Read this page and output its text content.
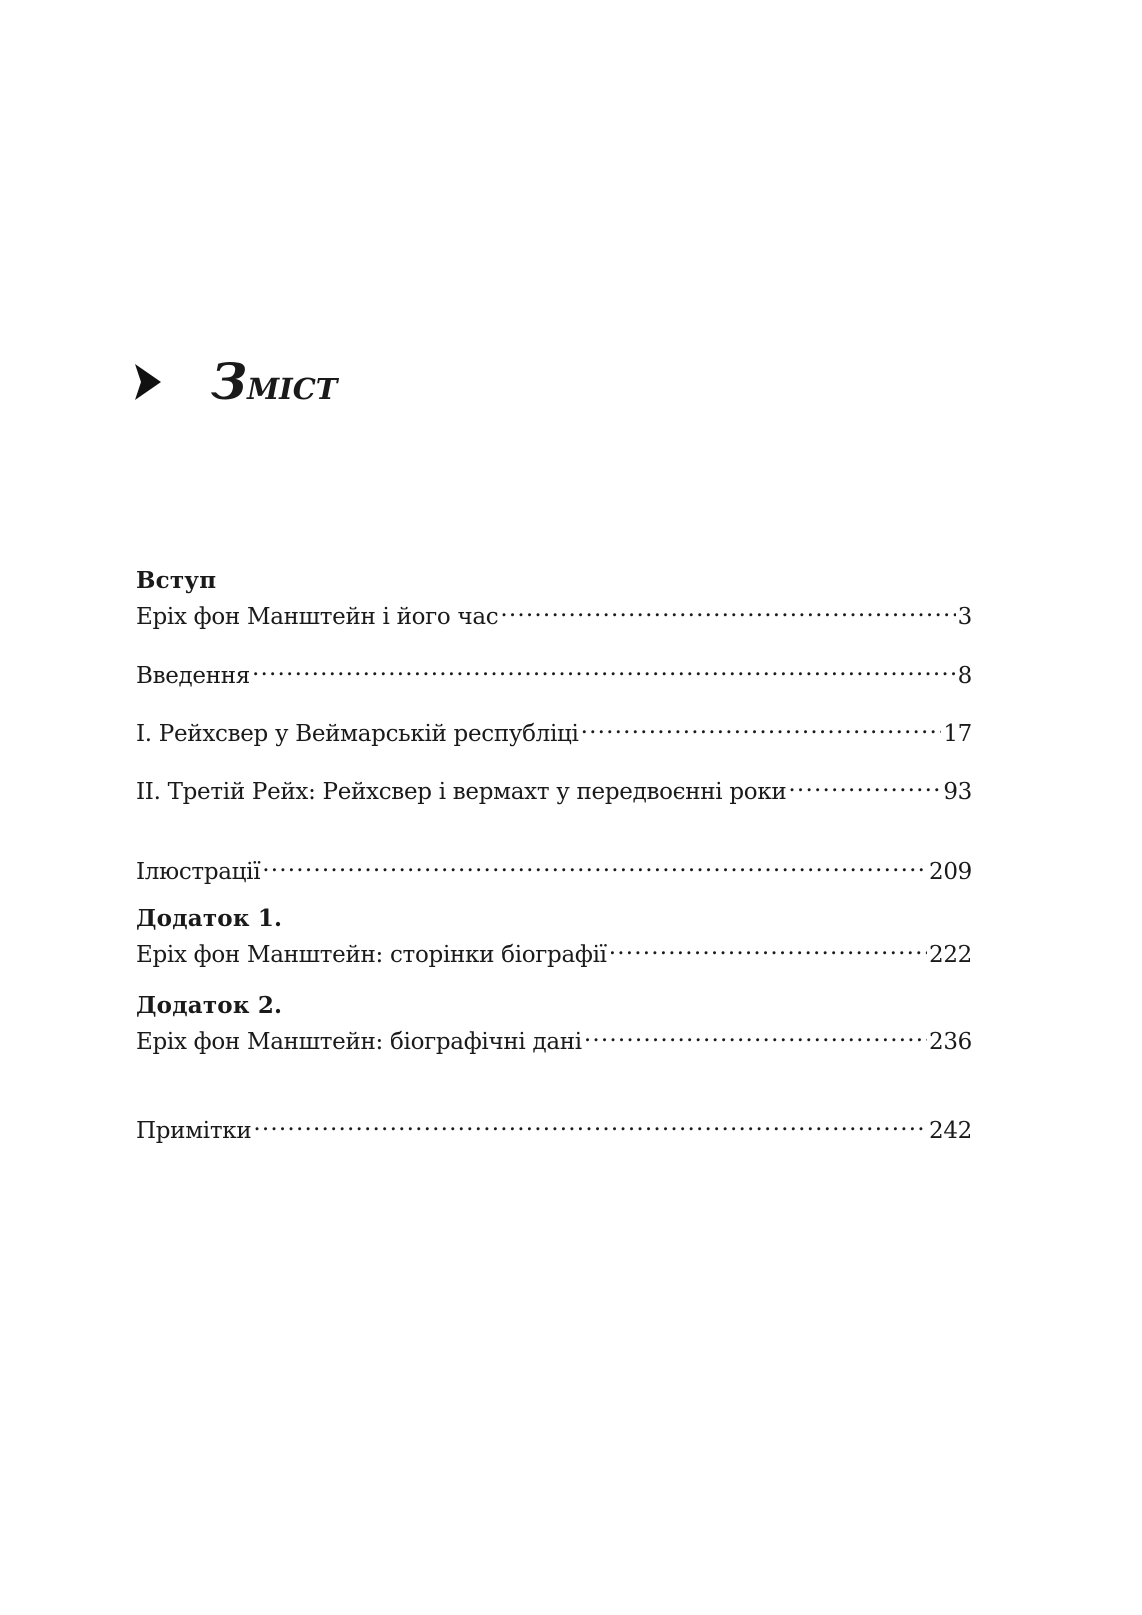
Зміст
Вступ
Еріх фон Манштейн і його час .....	3
Введення .....	8
І. Рейхсвер у Веймарській республіці .....	17
ІІ. Третій Рейх: Рейхсвер і вермахт у передвоєнні роки .....	93
Ілюстрації .....	209
Додаток 1.
Еріх фон Манштейн: сторінки біографії .....	222
Додаток 2.
Еріх фон Манштейн: біографічні дані .....	236
Примітки .....	242
